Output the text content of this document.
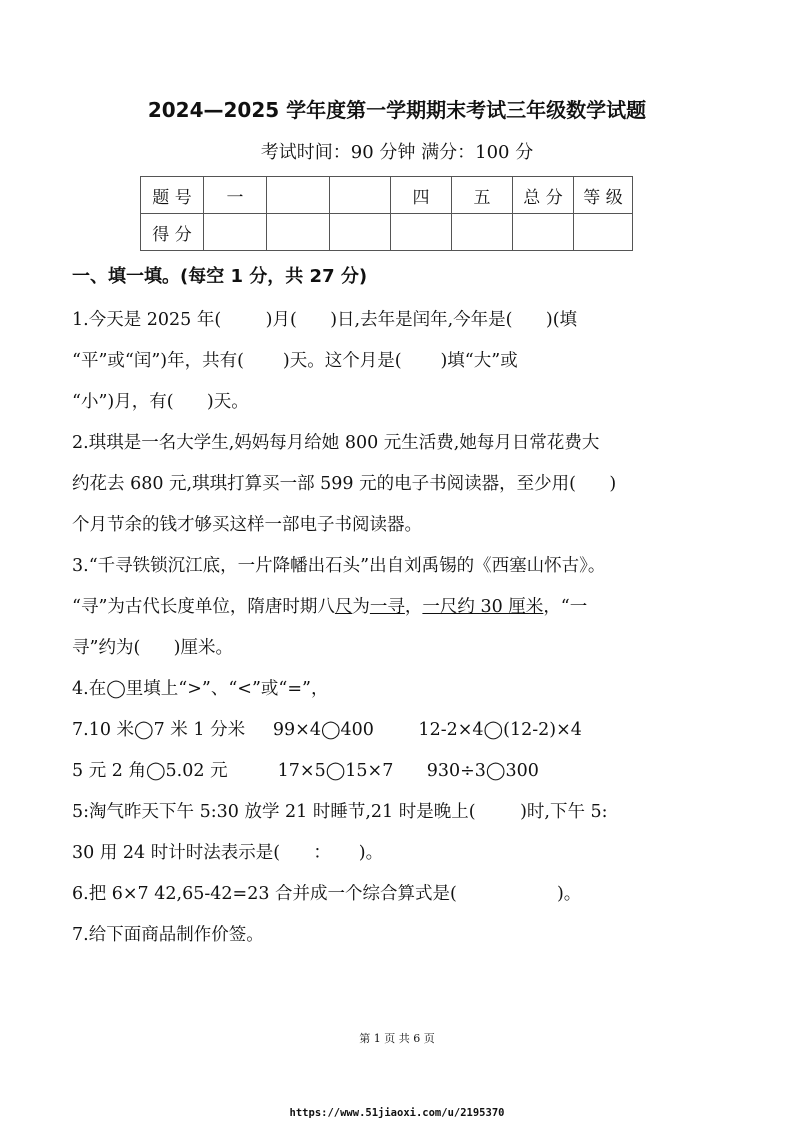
2024—2025 学年度第一学期期末考试三年级数学试题
考试时间：90 分钟 满分：100 分
题 号	一			四	五	总 分	等 级
得 分							
一、填一填。(每空 1 分，共 27 分)
1.今天是 2025 年(        )月(      )日,去年是闰年,今年是(      )(填
“平”或“闰”)年，共有(       )天。这个月是(       )填“大”或
“小”)月，有(      )天。
2.琪琪是一名大学生,妈妈每月给她 800 元生活费,她每月日常花费大
约花去 680 元,琪琪打算买一部 599 元的电子书阅读器，至少用(      )
个月节余的钱才够买这样一部电子书阅读器。
3.“千寻铁锁沉江底，一片降幡出石头”出自刘禹锡的《西塞山怀古》。
“寻”为古代长度单位，隋唐时期八尺为一寻，一尺约 30 厘米，“一
寻”约为(      )厘米。
4.在◯里填上“>”、“<”或“=”，
7.10 米◯7 米 1 分米     99×4◯400        12-2×4◯(12-2)×4
5 元 2 角◯5.02 元         17×5◯15×7      930÷3◯300
5:淘气昨天下午 5:30 放学 21 时睡节,21 时是晚上(        )时,下午 5:
30 用 24 时计时法表示是(      ：     )。
6.把 6×7 42,65-42=23 合并成一个综合算式是(                  )。
7.给下面商品制作价签。
第 1 页 共 6 页
https://www.51jiaoxi.com/u/2195370
